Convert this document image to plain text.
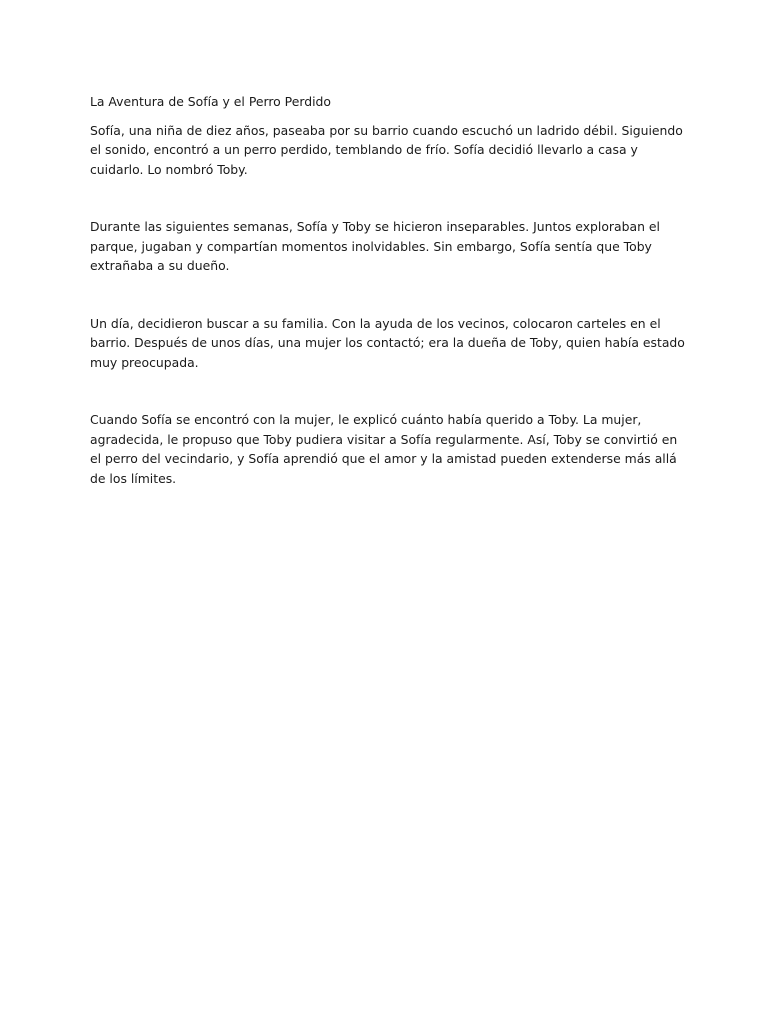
La Aventura de Sofía y el Perro Perdido

Sofía, una niña de diez años, paseaba por su barrio cuando escuchó un ladrido débil. Siguiendo el sonido, encontró a un perro perdido, temblando de frío. Sofía decidió llevarlo a casa y cuidarlo. Lo nombró Toby.

Durante las siguientes semanas, Sofía y Toby se hicieron inseparables. Juntos exploraban el parque, jugaban y compartían momentos inolvidables. Sin embargo, Sofía sentía que Toby extrañaba a su dueño.

Un día, decidieron buscar a su familia. Con la ayuda de los vecinos, colocaron carteles en el barrio. Después de unos días, una mujer los contactó; era la dueña de Toby, quien había estado muy preocupada.

Cuando Sofía se encontró con la mujer, le explicó cuánto había querido a Toby. La mujer, agradecida, le propuso que Toby pudiera visitar a Sofía regularmente. Así, Toby se convirtió en el perro del vecindario, y Sofía aprendió que el amor y la amistad pueden extenderse más allá de los límites.
